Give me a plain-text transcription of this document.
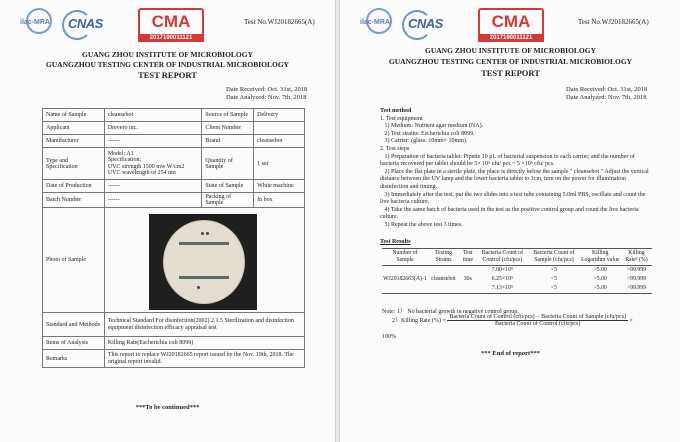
ilac-MRA CNAS	CMA
2017190011121
Test No.WJ20182665(A)
GUANG ZHOU INSTITUTE OF MICROBIOLOGY
GUANGZHOU TESTING CENTER OF INDUSTRIAL MICROBIOLOGY
TEST REPORT
Date Received: Oct. 31st, 2018
Date Analyzed: Nov. 7th, 2018
Name of Sample	cleansebot	Source of Sample	Delivery
Applicant	Drevero inc.	Client Number	
Manufacturer	------	Brand	cleansebot
Type and Specification	Model: A1
Specification:
UVC strength 1500 mw W/cm2
UVC wavelength of 254 nm	Quantity of Sample	1 set
Date of Production	------	State of Sample	White machine
Batch Number	------	Packing of Sample	In box
Photo of Sample			

Standard and Methods	Technical Standard For disinfection(2002) 2.1.5 Sterilization and disinfection equipment disinfection efficacy appraisal test		
Items of Analysis	Killing Rate(Escherichia coli 8099)		
Remarks	This report to replace WJ20182665 report issued by the Nov. 19th, 2018. The original report invalid.		
***To be continued***
ilac-MRA CNAS	CMA
2017190011121
Test No.WJ20182665(A)
GUANG ZHOU INSTITUTE OF MICROBIOLOGY
GUANGZHOU TESTING CENTER OF INDUSTRIAL MICROBIOLOGY
TEST REPORT
Date Received: Oct. 31st, 2018
Date Analyzed: Nov. 7th, 2018
Test method
1. Test equipment
1) Medium: Nutrient agar medium (NA).
2) Test strains: Escherichia coli 8099.
3) Carrier: (glass: 10mm× 10mm).
2. Test steps
1) Preparation of bacteria tablet: Pipette 10 μL of bacterial suspension to each carrier, and the number of bacteria recovered per tablet should be 5× 10⁵ cfu/ pcs ~ 5 ×10⁶ cfu/ pcs.
2) Place the flat plate in a sterile plate, the place is directly below the sample " cleansebot " Adjust the vertical distance between the UV lamp and the lower bacteria tablet to 1cm, turn on the power for illumination disinfection and timing.
3) Immediately after the test, put the two slides into a test tube containing 5.0ml PBS, oscillate and count the live bacteria culture.
4) Take the same batch of bacteria used in the test as the positive control group and count the live bacteria culture.
5) Repeat the above test 3 times.
Test Results
Number of Sample	Testing Strains	Test time	Bacteria Count of Control (cfu/pcs)	Bacteria Count of Sample (cfu/pcs)	Killing Logarithm value	Killing Rate² (%)
WJ20182665(A)-1	cleansebot	30s	7.00×10⁵	<5	>5.00	>99.999
			6.25×10⁵	<5	>5.00	>99.999
			7.13×10⁵	<5	>5.00	>99.999
Note: 1） No bacterial growth in negative control group.
2）Killing Rate (%) =
Bacteria Count of Control (cfu/pcs) − Bacteria Count of Sample (cfu/pcs)
Bacteria Count of Control (cfu/pcs)
×
100%
*** End of report***
